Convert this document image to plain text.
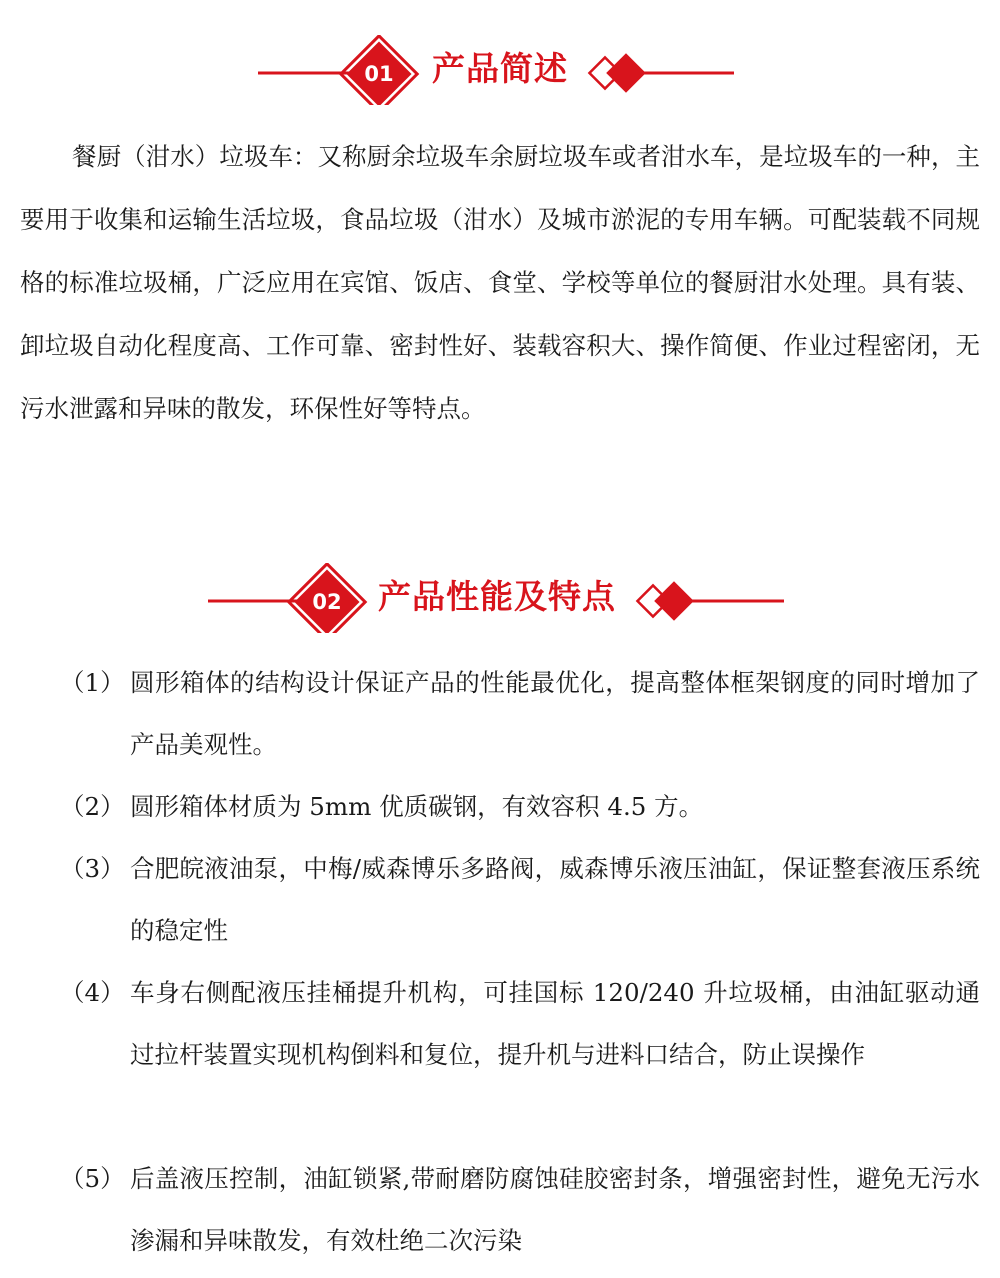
01 产品简述

餐厨（泔水）垃圾车：又称厨余垃圾车余厨垃圾车或者泔水车，是垃圾车的一种，主要用于收集和运输生活垃圾，食品垃圾（泔水）及城市淤泥的专用车辆。可配装载不同规格的标准垃圾桶，广泛应用在宾馆、饭店、食堂、学校等单位的餐厨泔水处理。具有装、卸垃圾自动化程度高、工作可靠、密封性好、装载容积大、操作简便、作业过程密闭，无污水泄露和异味的散发，环保性好等特点。

02 产品性能及特点
（1） 圆形箱体的结构设计保证产品的性能最优化，提高整体框架钢度的同时增加了产品美观性。
（2） 圆形箱体材质为 5mm 优质碳钢，有效容积 4.5 方。
（3） 合肥皖液油泵，中梅/威森博乐多路阀，威森博乐液压油缸，保证整套液压系统的稳定性
（4） 车身右侧配液压挂桶提升机构，可挂国标 120/240 升垃圾桶，由油缸驱动通过拉杆装置实现机构倒料和复位，提升机与进料口结合，防止误操作
（5） 后盖液压控制，油缸锁紧,带耐磨防腐蚀硅胶密封条，增强密封性，避免无污水渗漏和异味散发，有效杜绝二次污染
